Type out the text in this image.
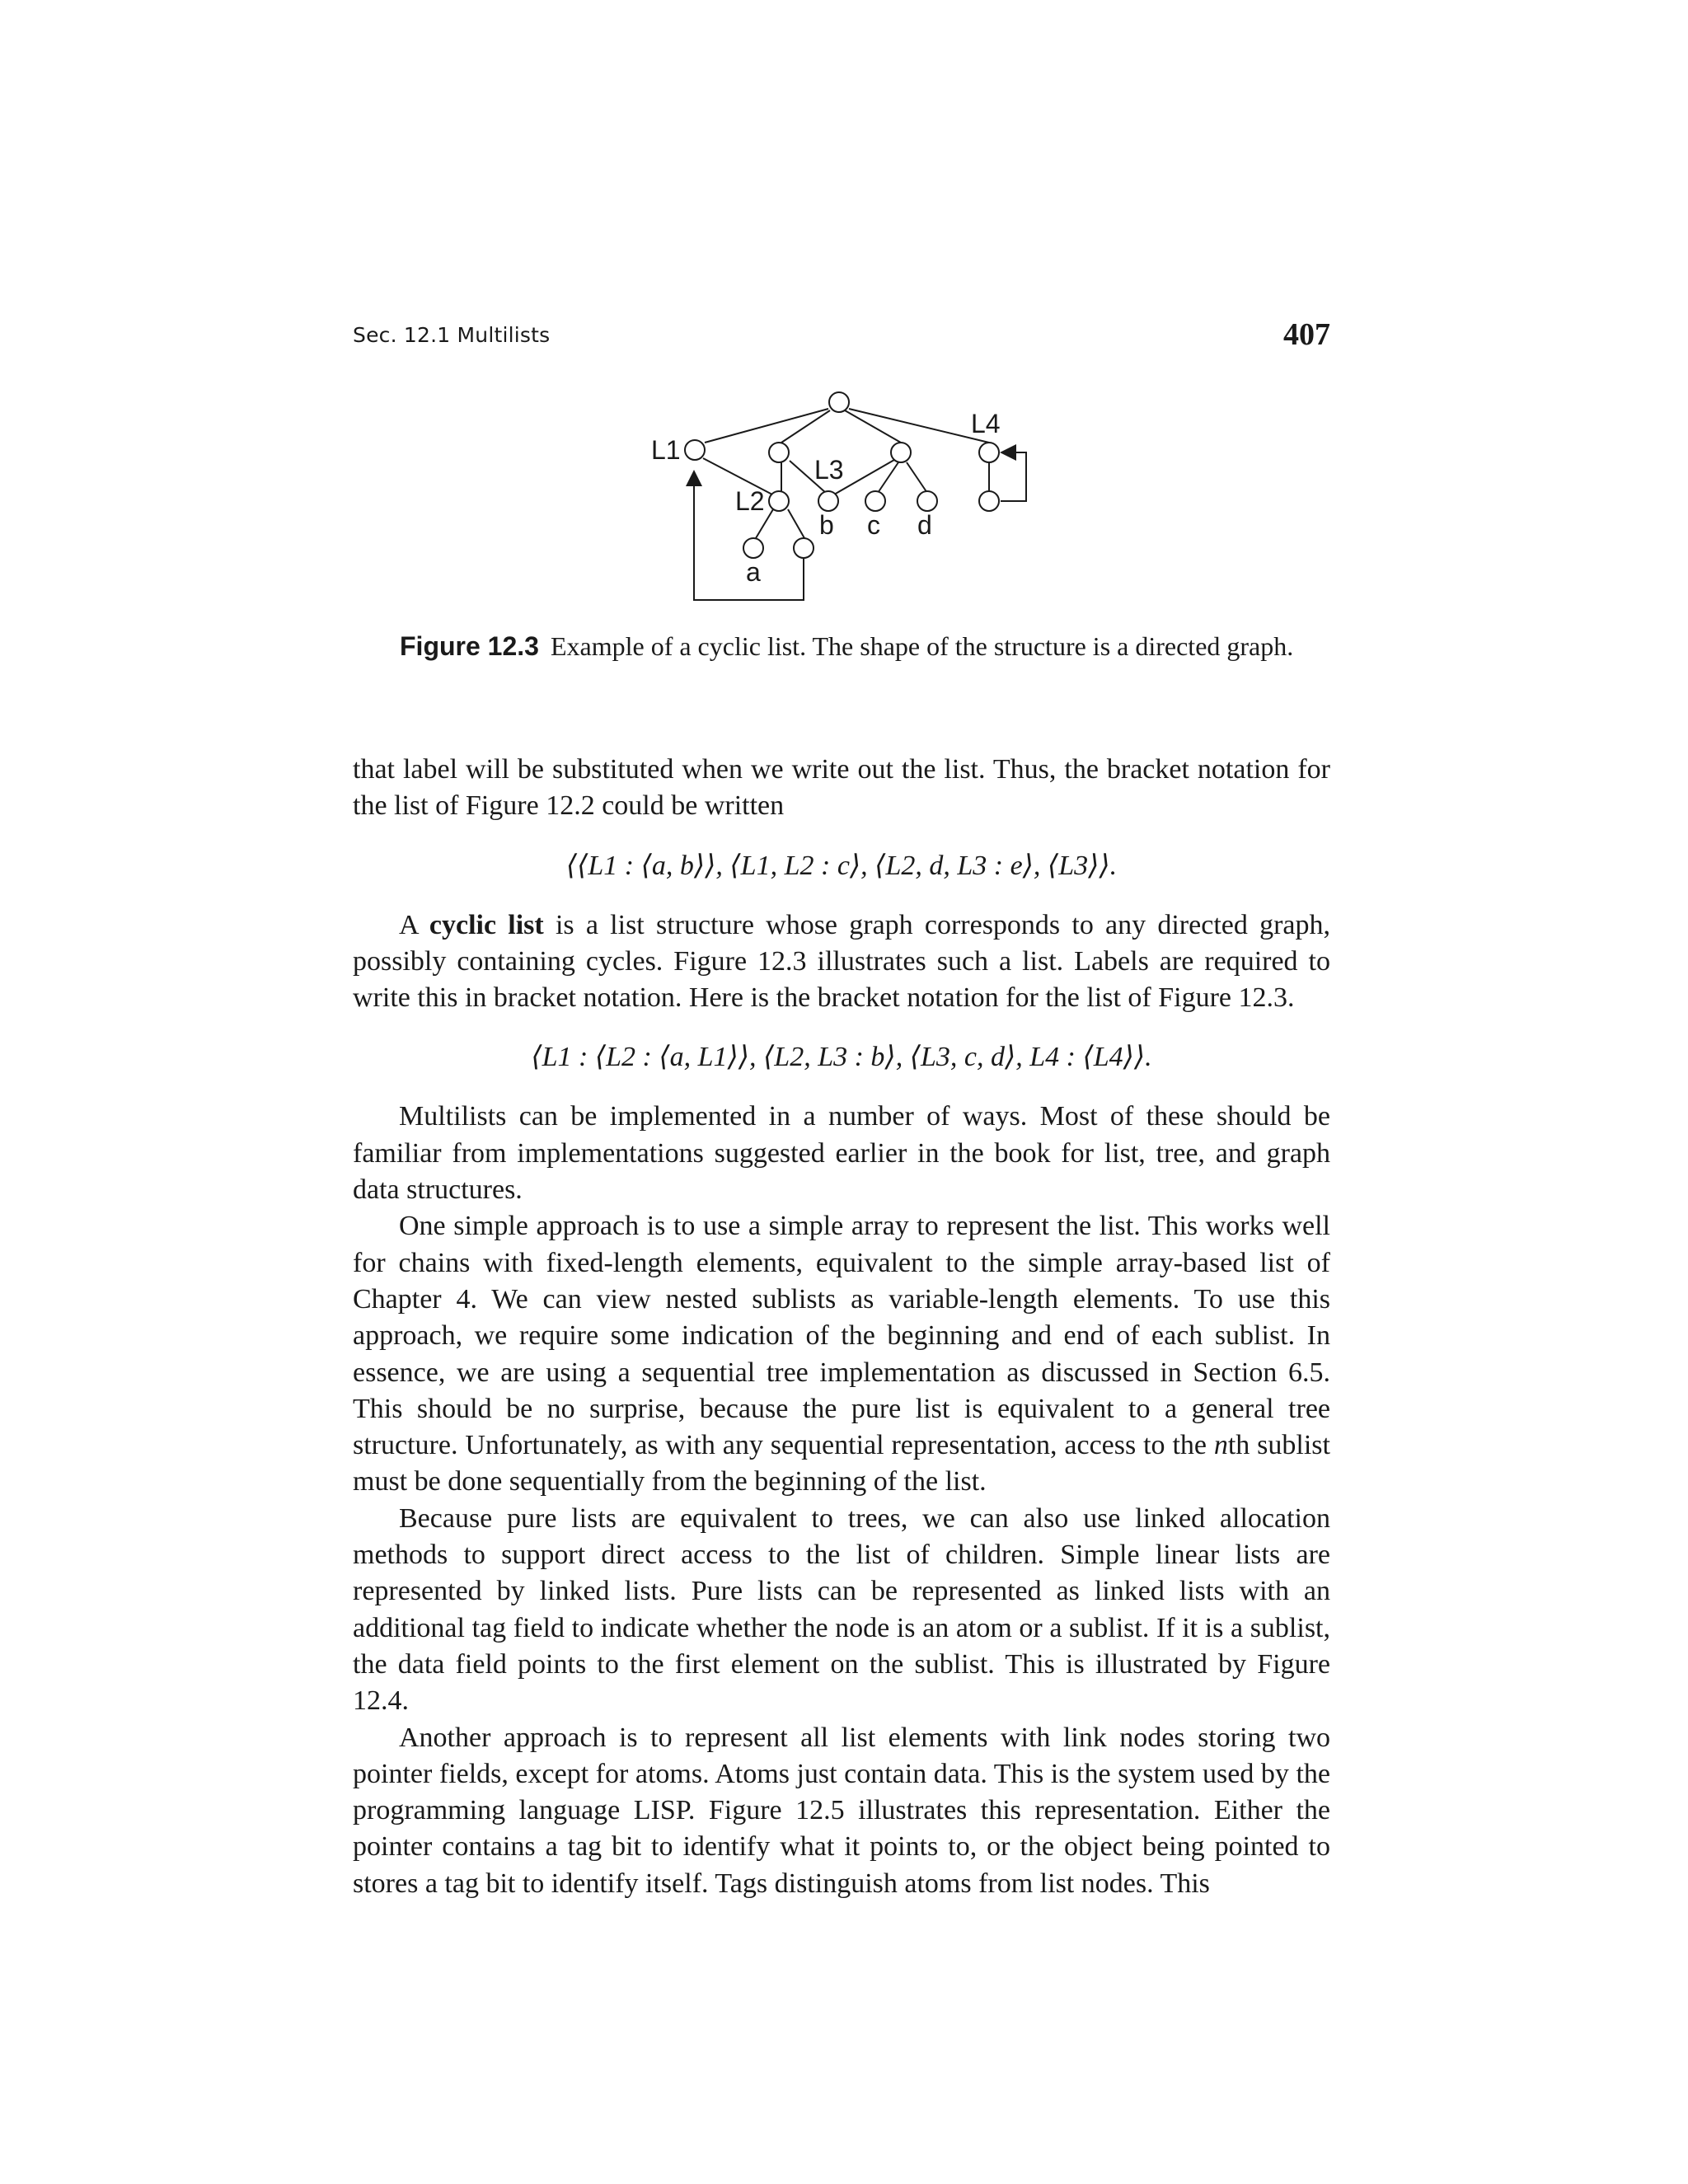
Sec. 12.1 Multilists	407
L1
L2
L3
L4
a
b c d
Figure 12.3 Example of a cyclic list. The shape of the structure is a directed graph.

that label will be substituted when we write out the list. Thus, the bracket notation for the list of Figure 12.2 could be written

⟨⟨L1 : ⟨a, b⟩⟩, ⟨L1, L2 : c⟩, ⟨L2, d, L3 : e⟩, ⟨L3⟩⟩.

A cyclic list is a list structure whose graph corresponds to any directed graph, possibly containing cycles. Figure 12.3 illustrates such a list. Labels are required to write this in bracket notation. Here is the bracket notation for the list of Figure 12.3.

⟨L1 : ⟨L2 : ⟨a, L1⟩⟩, ⟨L2, L3 : b⟩, ⟨L3, c, d⟩, L4 : ⟨L4⟩⟩.

Multilists can be implemented in a number of ways. Most of these should be familiar from implementations suggested earlier in the book for list, tree, and graph data structures.

One simple approach is to use a simple array to represent the list. This works well for chains with fixed-length elements, equivalent to the simple array-based list of Chapter 4. We can view nested sublists as variable-length elements. To use this approach, we require some indication of the beginning and end of each sublist. In essence, we are using a sequential tree implementation as discussed in Section 6.5. This should be no surprise, because the pure list is equivalent to a general tree structure. Unfortunately, as with any sequential representation, access to the nth sublist must be done sequentially from the beginning of the list.

Because pure lists are equivalent to trees, we can also use linked allocation methods to support direct access to the list of children. Simple linear lists are represented by linked lists. Pure lists can be represented as linked lists with an additional tag field to indicate whether the node is an atom or a sublist. If it is a sublist, the data field points to the first element on the sublist. This is illustrated by Figure 12.4.

Another approach is to represent all list elements with link nodes storing two pointer fields, except for atoms. Atoms just contain data. This is the system used by the programming language LISP. Figure 12.5 illustrates this representation. Either the pointer contains a tag bit to identify what it points to, or the object being pointed to stores a tag bit to identify itself. Tags distinguish atoms from list nodes. This
